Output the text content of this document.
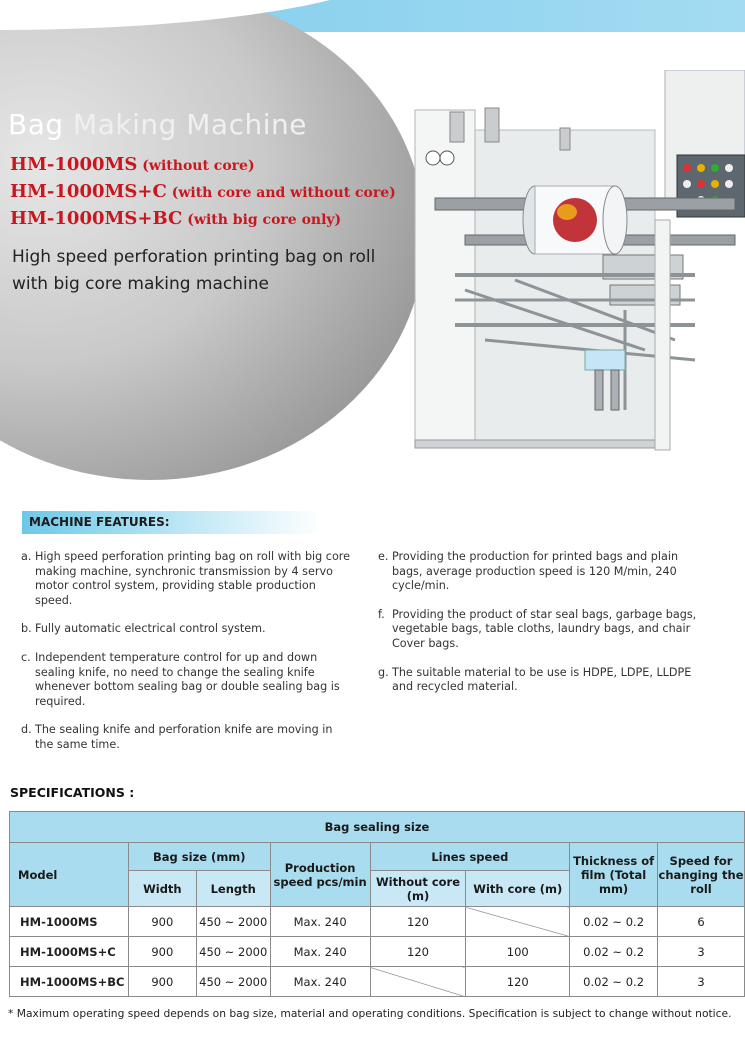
Bag Making Machine
HM-1000MS (without core)
HM-1000MS+C (with core and without core)
HM-1000MS+BC (with big core only)
High speed perforation printing bag on roll
with big core making machine
MACHINE FEATURES:
a. High speed perforation printing bag on roll with big core making machine, synchronic transmission by 4 servo motor control system, providing stable production speed.
b. Fully automatic electrical control system.
c. Independent temperature control for up and down sealing knife, no need to change the sealing knife whenever bottom sealing bag or double sealing bag is required.
d. The sealing knife and perforation knife are moving in the same time.
e. Providing the production for printed bags and plain bags, average production speed is 120 M/min, 240 cycle/min.
f. Providing the product of star seal bags, garbage bags, vegetable bags, table cloths, laundry bags, and chair Cover bags.
g. The suitable material to be use is HDPE, LDPE, LLDPE and recycled material.
SPECIFICATIONS :
Bag sealing size							
Model	Bag size (mm)		Production speed pcs/min	Lines speed		Thickness of film (Total mm)	Speed for changing the roll
	Width	Length		Without core (m)	With core (m)		
HM-1000MS	900	450 ~ 2000	Max. 240	120		0.02 ~ 0.2	6
HM-1000MS+C	900	450 ~ 2000	Max. 240	120	100	0.02 ~ 0.2	3
HM-1000MS+BC	900	450 ~ 2000	Max. 240		120	0.02 ~ 0.2	3
* Maximum operating speed depends on bag size, material and operating conditions. Specification is subject to change without notice.
